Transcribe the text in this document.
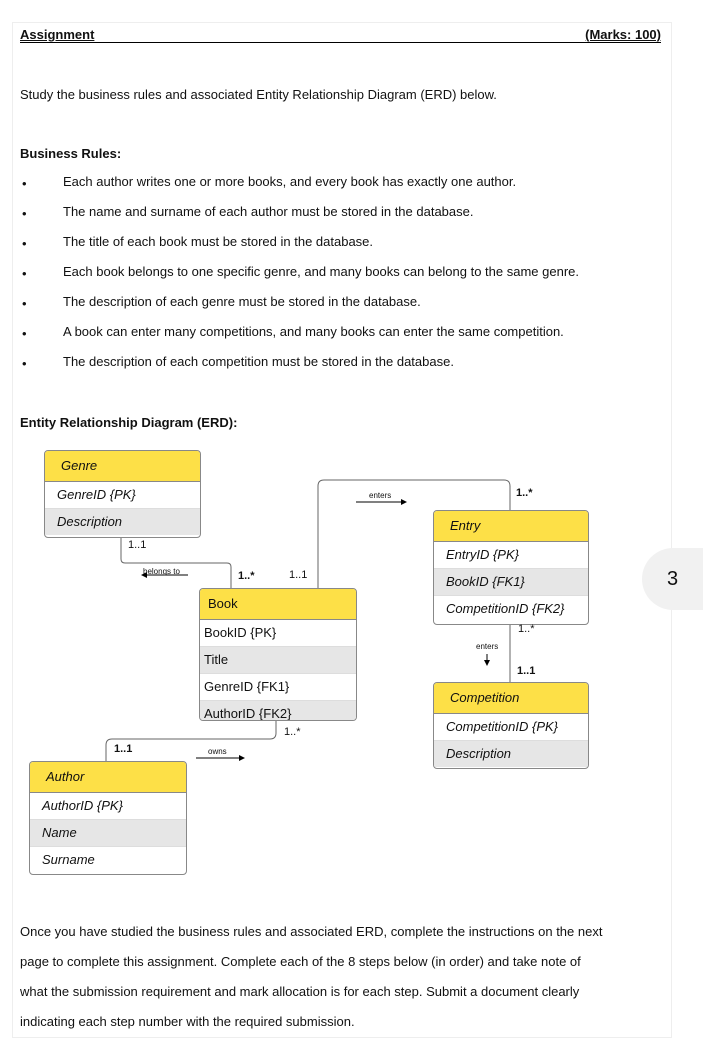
Assignment	(Marks: 100)
Study the business rules and associated Entity Relationship Diagram (ERD) below.
Business Rules:
•	Each author writes one or more books, and every book has exactly one author.
•	The name and surname of each author must be stored in the database.
•	The title of each book must be stored in the database.
•	Each book belongs to one specific genre, and many books can belong to the same genre.
•	The description of each genre must be stored in the database.
•	A book can enter many competitions, and many books can enter the same competition.
•	The description of each competition must be stored in the database.
Entity Relationship Diagram (ERD):
Genre
GenreID {PK}
Description
Book
BookID {PK}
Title
GenreID {FK1}
AuthorID {FK2}
Author
AuthorID {PK}
Name
Surname
Entry
EntryID {PK}
BookID {FK1}
CompetitionID {FK2}
Competition
CompetitionID {PK}
Description
belongs to
enters
enters
owns
1..1
1..*	1..1
1..*
1..*
1..1
1..*
1..1
Once you have studied the business rules and associated ERD, complete the instructions on the next
page to complete this assignment. Complete each of the 8 steps below (in order) and take note of
what the submission requirement and mark allocation is for each step. Submit a document clearly
indicating each step number with the required submission.
3
